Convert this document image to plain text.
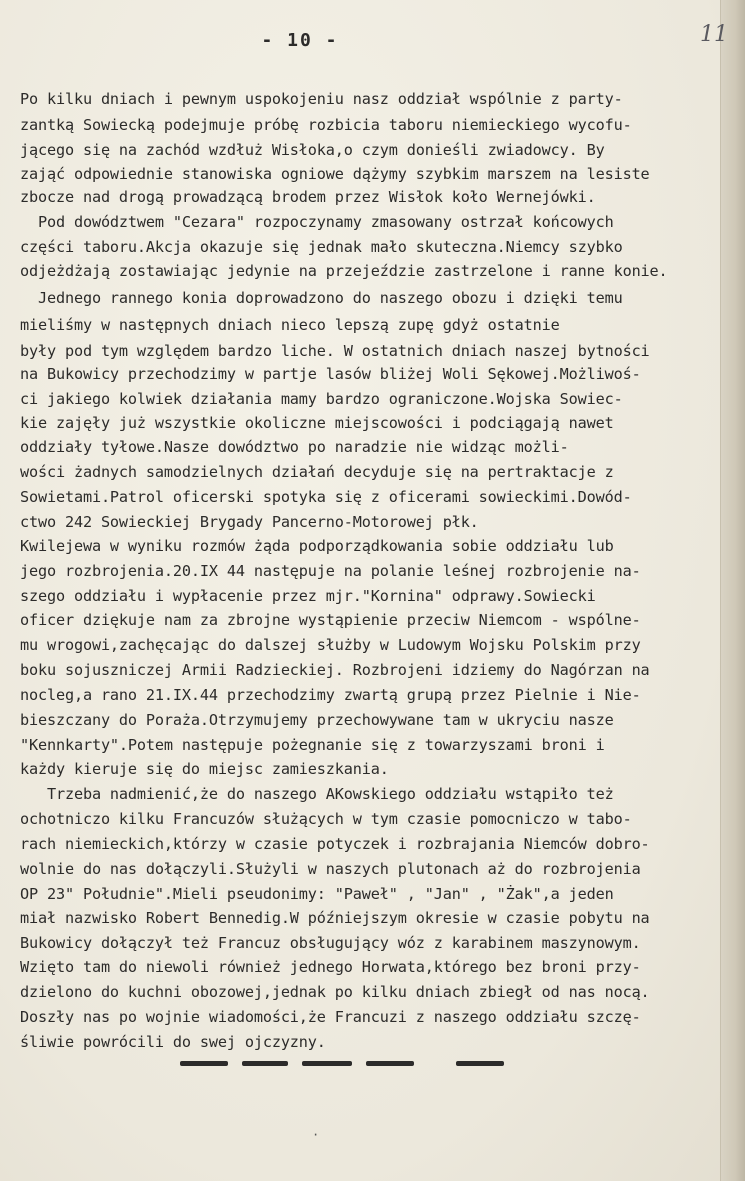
- 10 -	11
Po kilku dniach i pewnym uspokojeniu nasz oddział wspólnie z party-
zantką Sowiecką podejmuje próbę rozbicia taboru niemieckiego wycofu-
jącego się na zachód wzdłuż Wisłoka,o czym donieśli zwiadowcy. By
zająć odpowiednie stanowiska ogniowe dążymy szybkim marszem na lesiste
zbocze nad drogą prowadzącą brodem przez Wisłok koło Wernejówki.
Pod dowództwem "Cezara" rozpoczynamy zmasowany ostrzał końcowych
części taboru.Akcja okazuje się jednak mało skuteczna.Niemcy szybko
odjeżdżają zostawiając jedynie na przejeździe zastrzelone i ranne konie.
Jednego rannego konia doprowadzono do naszego obozu i dzięki temu
mieliśmy w następnych dniach nieco lepszą zupę gdyż ostatnie
były pod tym względem bardzo liche. W ostatnich dniach naszej bytności
na Bukowicy przechodzimy w partje lasów bliżej Woli Sękowej.Możliwoś-
ci jakiego kolwiek działania mamy bardzo ograniczone.Wojska Sowiec-
kie zajęły już wszystkie okoliczne miejscowości i podciągają nawet
oddziały tyłowe.Nasze dowództwo po naradzie nie widząc możli-
wości żadnych samodzielnych działań decyduje się na pertraktacje z
Sowietami.Patrol oficerski spotyka się z oficerami sowieckimi.Dowód-
ctwo 242 Sowieckiej Brygady Pancerno-Motorowej płk.
Kwilejewa w wyniku rozmów żąda podporządkowania sobie oddziału lub
jego rozbrojenia.20.IX 44 następuje na polanie leśnej rozbrojenie na-
szego oddziału i wypłacenie przez mjr."Kornina" odprawy.Sowiecki
oficer dziękuje nam za zbrojne wystąpienie przeciw Niemcom - wspólne-
mu wrogowi,zachęcając do dalszej służby w Ludowym Wojsku Polskim przy
boku sojuszniczej Armii Radzieckiej. Rozbrojeni idziemy do Nagórzan na
nocleg,a rano 21.IX.44 przechodzimy zwartą grupą przez Pielnie i Nie-
bieszczany do Poraża.Otrzymujemy przechowywane tam w ukryciu nasze
"Kennkarty".Potem następuje pożegnanie się z towarzyszami broni i
każdy kieruje się do miejsc zamieszkania.
Trzeba nadmienić,że do naszego AKowskiego oddziału wstąpiło też
ochotniczo kilku Francuzów służących w tym czasie pomocniczo w tabo-
rach niemieckich,którzy w czasie potyczek i rozbrajania Niemców dobro-
wolnie do nas dołączyli.Służyli w naszych plutonach aż do rozbrojenia
OP 23" Południe".Mieli pseudonimy: "Paweł" , "Jan" , "Żak",a jeden
miał nazwisko Robert Bennedig.W późniejszym okresie w czasie pobytu na
Bukowicy dołączył też Francuz obsługujący wóz z karabinem maszynowym.
Wzięto tam do niewoli również jednego Horwata,którego bez broni przy-
dzielono do kuchni obozowej,jednak po kilku dniach zbiegł od nas nocą.
Doszły nas po wojnie wiadomości,że Francuzi z naszego oddziału szczę-
śliwie powrócili do swej ojczyzny.
·
